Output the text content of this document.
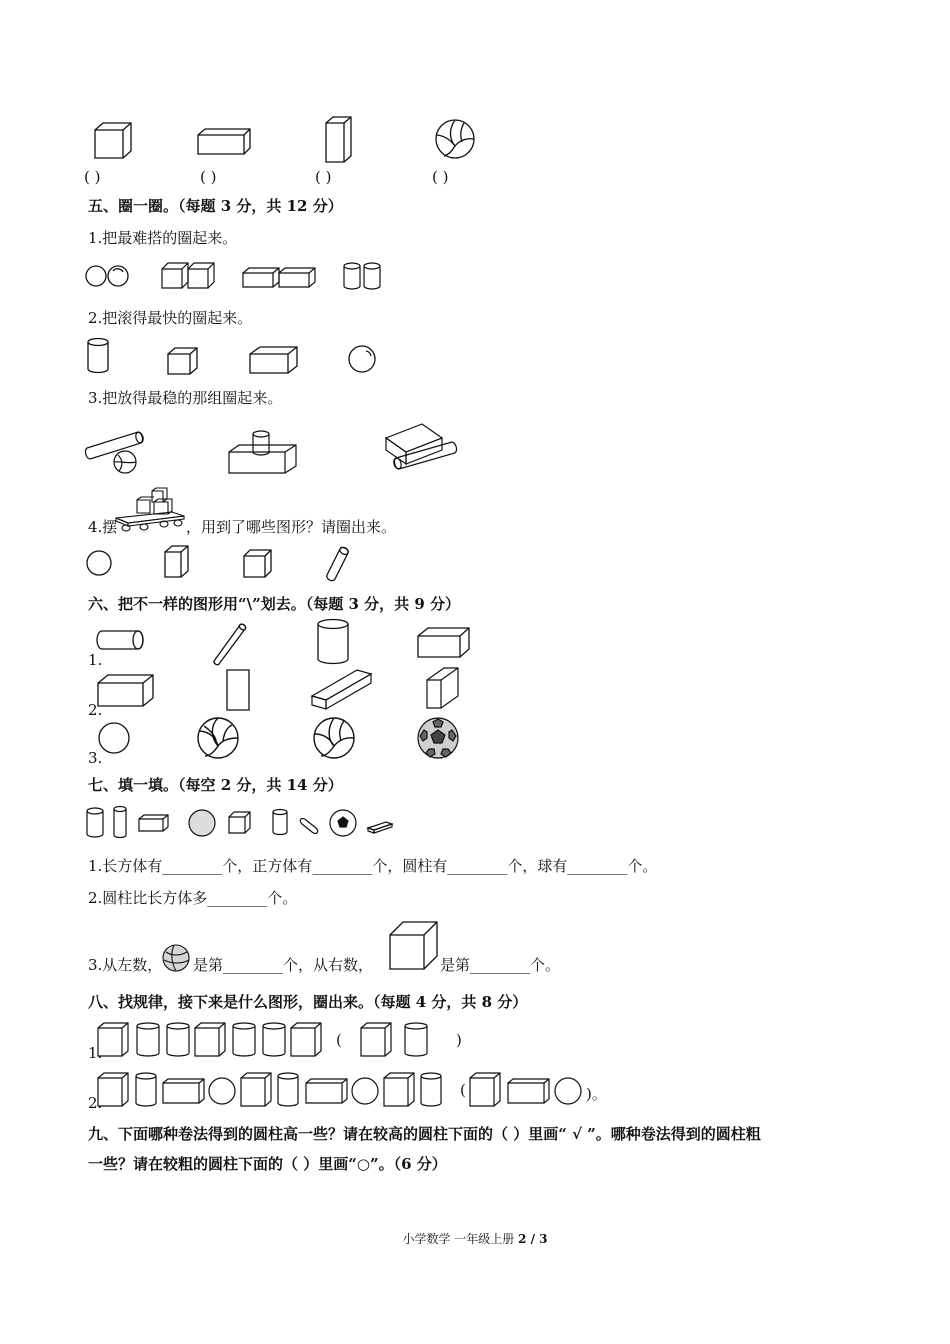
( )	( )	( )	( )
五、圈一圈。（每题 3 分，共 12 分）
1.把最难搭的圈起来。
2.把滚得最快的圈起来。
3.把放得最稳的那组圈起来。
4.摆	，用到了哪些图形？请圈出来。
六、把不一样的图形用“\”划去。（每题 3 分，共 9 分）
1.
2.
3.
七、填一填。（每空 2 分，共 14 分）
1.长方体有________个，正方体有________个，圆柱有________个，球有________个。
2.圆柱比长方体多________个。
3.从左数， 是第________个，从右数，	是第________个。
八、找规律，接下来是什么图形，圈出来。（每题 4 分，共 8 分）
1.
(	)
2.
(	)。
九、下面哪种卷法得到的圆柱高一些？请在较高的圆柱下面的（ ）里画“ √ ”。哪种卷法得到的圆柱粗
一些？请在较粗的圆柱下面的（ ）里画“○”。（6 分）
小学数学 一年级上册 2 / 3
